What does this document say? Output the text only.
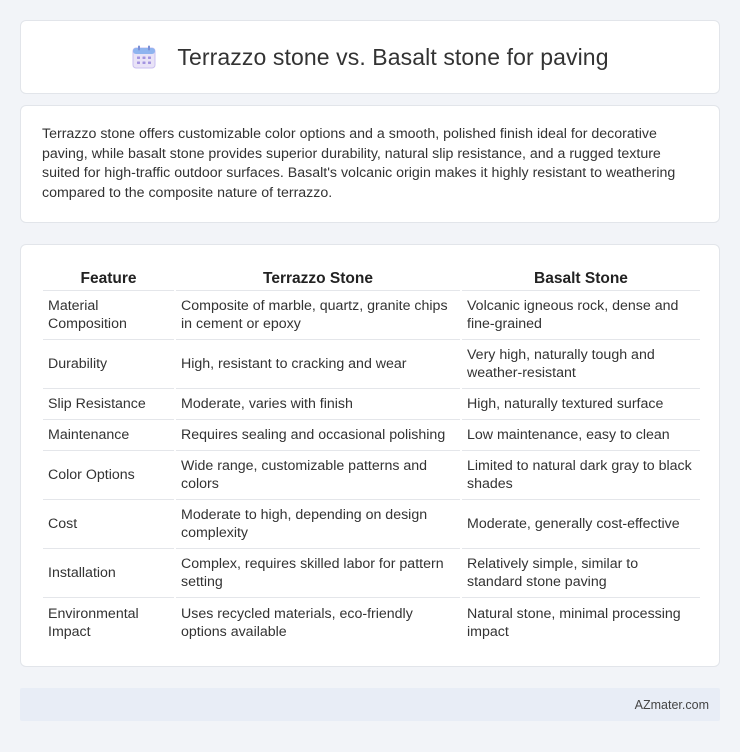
Terrazzo stone vs. Basalt stone for paving

Terrazzo stone offers customizable color options and a smooth, polished finish ideal for decorative paving, while basalt stone provides superior durability, natural slip resistance, and a rugged texture suited for high-traffic outdoor surfaces. Basalt's volcanic origin makes it highly resistant to weathering compared to the composite nature of terrazzo.

Feature	Terrazzo Stone	Basalt Stone
Material Composition	Composite of marble, quartz, granite chips in cement or epoxy	Volcanic igneous rock, dense and fine-grained
Durability	High, resistant to cracking and wear	Very high, naturally tough and weather-resistant
Slip Resistance	Moderate, varies with finish	High, naturally textured surface
Maintenance	Requires sealing and occasional polishing	Low maintenance, easy to clean
Color Options	Wide range, customizable patterns and colors	Limited to natural dark gray to black shades
Cost	Moderate to high, depending on design complexity	Moderate, generally cost-effective
Installation	Complex, requires skilled labor for pattern setting	Relatively simple, similar to standard stone paving
Environmental Impact	Uses recycled materials, eco-friendly options available	Natural stone, minimal processing impact
AZmater.com
